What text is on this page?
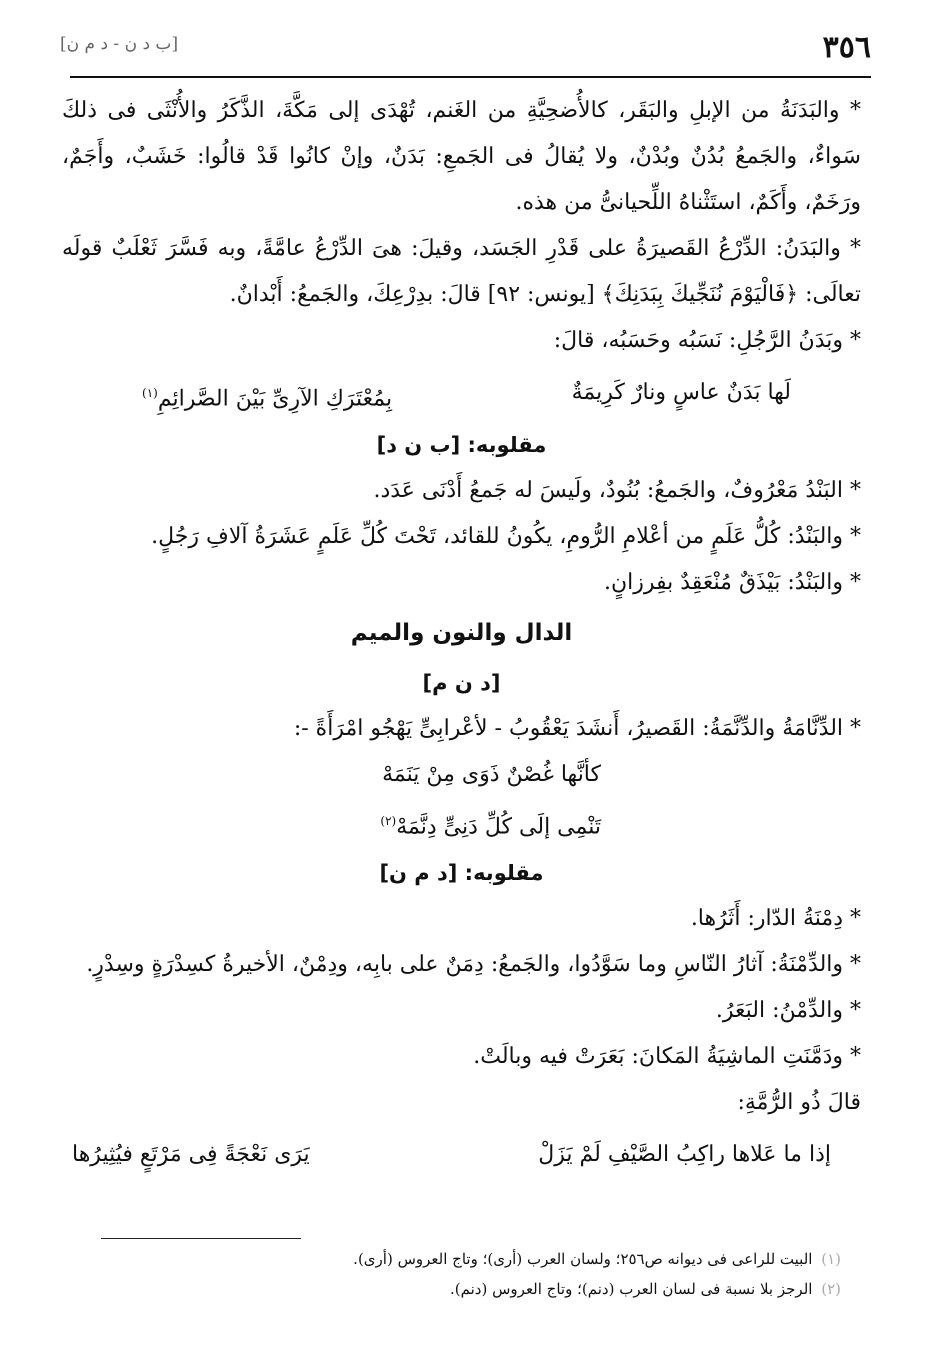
٣٥٦
[ب د ن - د م ن]

* والبَدَنَةُ من الإبلِ والبَقَر، كالأُضحِيَّةِ من الغَنم، تُهْدَى إلى مَكَّةَ، الذَّكَرُ والأُنْثَى فى ذلكَ سَواءٌ، والجَمعُ بُدُنٌ وبُدْنٌ، ولا يُقالُ فى الجَمعِ: بَدَنٌ، وإنْ كانُوا قَدْ قالُوا: خَشَبٌ، وأَجَمٌ، ورَخَمٌ، وأَكَمٌ، استَثْناهُ اللِّحيانىُّ من هذه.

* والبَدَنُ: الدِّرْعُ القَصيرَةُ على قَدْرِ الجَسَد، وقيلَ: هىَ الدِّرْعُ عامَّةً، وبه فَسَّرَ ثَعْلَبٌ قولَه تعالَى: ﴿فَالْيَوْمَ نُنَجِّيكَ بِبَدَنِكَ﴾ [يونس: ٩٢] قالَ: بدِرْعِكَ، والجَمعُ: أَبْدانٌ.

* وبَدَنُ الرَّجُلِ: نَسَبُه وحَسَبُه، قالَ:

لَها بَدَنٌ عاسٍ ونارٌ كَرِيمَةٌ
بِمُعْتَرَكِ الآرِىِّ بَيْنَ الصَّرائِمِ$^{(١)}$

مقلوبه: [ب ن د]

* البَنْدُ مَعْرُوفٌ، والجَمعُ: بُنُودٌ، ولَيسَ له جَمعُ أَدْنَى عَدَد.

* والبَنْدُ: كُلُّ عَلَمٍ من أعْلامِ الرُّومِ، يكُونُ للقائد، تَحْتَ كُلِّ عَلَمٍ عَشَرَةُ آلافِ رَجُلٍ.

* والبَنْدُ: بَيْذَقٌ مُنْعَقِدٌ بفِرزانٍ.

الدال والنون والميم

[د ن م]

* الدِّنَّامَةُ والدِّنَّمَةُ: القَصيرُ، أَنشَدَ يَعْقُوبُ - لأعْرابِىٍّ يَهْجُو امْرَأَةً -:

كأنَّها غُصْنٌ ذَوَى مِنْ يَنَمَهْ
تَنْمِى إلَى كُلِّ دَنِىٍّ دِنَّمَهْ$^{(٢)}$

مقلوبه: [د م ن]

* دِمْنَةُ الدّار: أَثَرُها.

* والدِّمْنَةُ: آثارُ النّاسِ وما سَوَّدُوا، والجَمعُ: دِمَنٌ على بابِه، ودِمْنٌ، الأخيرةُ كسِدْرَةٍ وسِدْرٍ.

* والدِّمْنُ: البَعَرُ.

* ودَمَّنَتِ الماشِيَةُ المَكانَ: بَعَرَتْ فيه وبالَتْ.

قالَ ذُو الرُّمَّةِ:

إذا ما عَلاها راكِبُ الصَّيْفِ لَمْ يَزَلْ
يَرَى نَعْجَةً فِى مَرْتَعٍ فيُثِيرُها
(١) البيت للراعى فى ديوانه ص٢٥٦؛ ولسان العرب (أرى)؛ وتاج العروس (أرى).
(٢) الرجز بلا نسبة فى لسان العرب (دنم)؛ وتاج العروس (دنم).
